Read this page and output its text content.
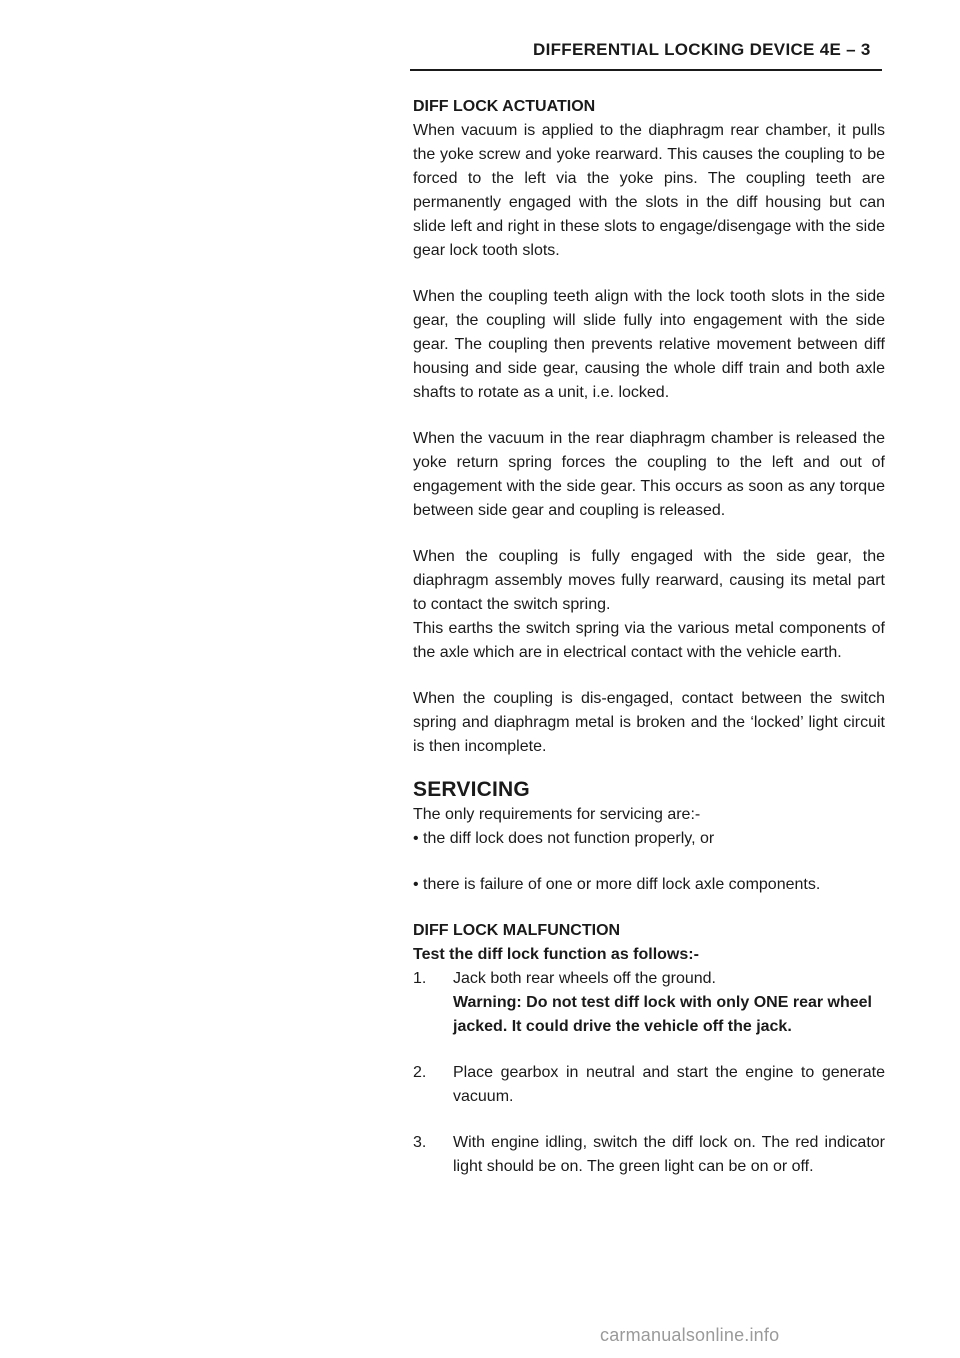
DIFFERENTIAL LOCKING DEVICE 4E – 3

DIFF LOCK ACTUATION

When vacuum is applied to the diaphragm rear chamber, it pulls the yoke screw and yoke rearward. This causes the coupling to be forced to the left via the yoke pins. The coupling teeth are permanently engaged with the slots in the diff housing but can slide left and right in these slots to engage/disengage with the side gear lock tooth slots.

When the coupling teeth align with the lock tooth slots in the side gear, the coupling will slide fully into engagement with the side gear. The coupling then prevents relative movement between diff housing and side gear, causing the whole diff train and both axle shafts to rotate as a unit, i.e. locked.

When the vacuum in the rear diaphragm chamber is released the yoke return spring forces the coupling to the left and out of engagement with the side gear. This occurs as soon as any torque between side gear and coupling is released.

When the coupling is fully engaged with the side gear, the diaphragm assembly moves fully rearward, causing its metal part to contact the switch spring.

This earths the switch spring via the various metal components of the axle which are in electrical contact with the vehicle earth.

When the coupling is dis-engaged, contact between the switch spring and diaphragm metal is broken and the ‘locked’ light circuit is then incomplete.

SERVICING

The only requirements for servicing are:-

• the diff lock does not function properly, or

• there is failure of one or more diff lock axle components.

DIFF LOCK MALFUNCTION

Test the diff lock function as follows:-

1.	Jack both rear wheels off the ground.
Warning: Do not test diff lock with only ONE rear wheel jacked. It could drive the vehicle off the jack.
2.	Place gearbox in neutral and start the engine to generate vacuum.
3.	With engine idling, switch the diff lock on. The red indicator light should be on. The green light can be on or off.
carmanualsonline.info
